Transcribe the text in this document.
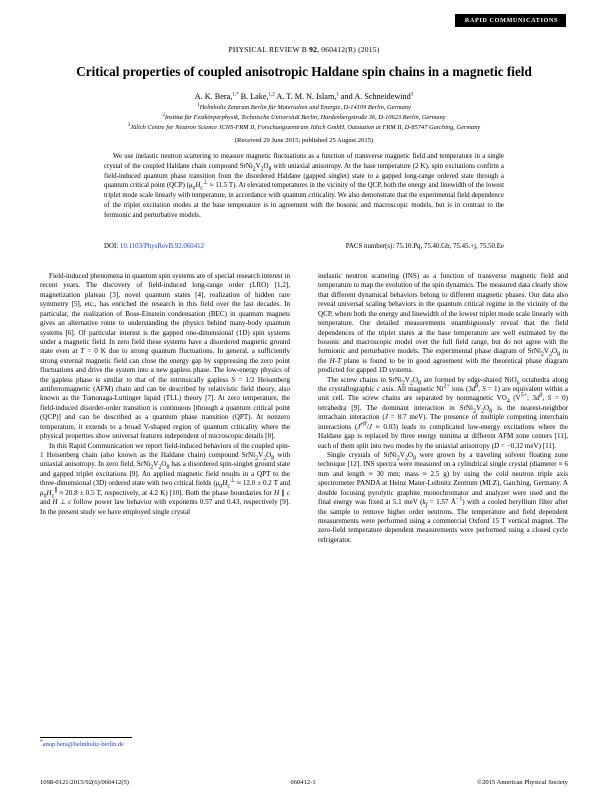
RAPID COMMUNICATIONS
PHYSICAL REVIEW B 92, 060412(R) (2015)
Critical properties of coupled anisotropic Haldane spin chains in a magnetic field
A. K. Bera,$^{1,*}$ B. Lake,$^{1,2}$ A. T. M. N. Islam,$^1$ and A. Schneidewind$^3$
$^1$Helmholtz Zentrum Berlin für Materialien und Energie, D-14109 Berlin, Germany
$^2$Institut für Festkörperphysik, Technische Universität Berlin, Hardenbergstraße 36, D-10623 Berlin, Germany
$^3$Jülich Centre for Neutron Science JCNS-FRM II, Forschungszentrum Jülich GmbH, Outstation at FRM II, D-85747 Garching, Germany
(Received 29 June 2015; published 25 August 2015)
We use inelastic neutron scattering to measure magnetic fluctuations as a function of transverse magnetic field and temperature in a single crystal of the coupled Haldane chain compound $SrNi_2V_2O_8$ with uniaxial anisotropy. At the base temperature (2 K), spin excitations confirm a field-induced quantum phase transition from the disordered Haldane (gapped singlet) state to a gapped long-range ordered state through a quantum critical point (QCP) ($\mu_0H_c^\perp \approx 11.5$ T). At elevated temperatures in the vicinity of the QCP, both the energy and linewidth of the lowest triplet mode scale linearly with temperature, in accordance with quantum criticality. We also demonstrate that the experimental field dependence of the triplet excitation modes at the base temperature is in agreement with the bosonic and macroscopic models, but is in contrast to the fermionic and perturbative models.
DOI: 10.1103/PhysRevB.92.060412	PACS number(s): 75.10.Pq, 75.40.Gb, 75.45.+j, 75.50.Ee

Field-induced phenomena in quantum spin systems are of special research interest in recent years. The discovery of field-induced long-range order (LRO) [1,2], magnetization plateau [3], novel quantum states [4], realization of hidden rare symmetry [5], etc., has enriched the research in this field over the last decades. In particular, the realization of Bose-Einstein condensation (BEC) in quantum magnets gives an alternative route to understanding the physics behind many-body quantum systems [6]. Of particular interest is the gapped one-dimensional (1D) spin systems under a magnetic field. In zero field these systems have a disordered magnetic ground state even at T = 0 K due to strong quantum fluctuations. In general, a sufficiently strong external magnetic field can close the energy gap by suppressing the zero point fluctuations and drive the system into a new gapless phase. The low-energy physics of the gapless phase is similar to that of the intrinsically gapless S = 1/2 Heisenberg antiferromagnetic (AFM) chain and can be described by relativistic field theory, also known as the Tomonaga-Luttinger liquid (TLL) theory [7]. At zero temperature, the field-induced disorder-order transition is continuous [through a quantum critical point (QCP)] and can be described as a quantum phase transition (QPT). At nonzero temperature, it extends to a broad V-shaped region of quantum criticality where the physical properties show universal features independent of microscopic details [8].

In this Rapid Communication we report field-induced behaviors of the coupled spin-1 Heisenberg chain (also known as the Haldane chain) compound $SrNi_2V_2O_8$ with uniaxial anisotropy. In zero field, $SrNi_2V_2O_8$ has a disordered spin-singlet ground state and gapped triplet excitations [9]. An applied magnetic field results in a QPT to the three-dimensional (3D) ordered state with two critical fields ($\mu_0H_c^\perp \approx 12.0 \pm 0.2$ T and $\mu_0H_c^\parallel \approx 20.8 \pm 0.5$ T, respectively, at 4.2 K) [10]. Both the phase boundaries for H ∥ c and H ⊥ c follow power law behavior with exponents 0.57 and 0.43, respectively [9]. In the present study we have employed single crystal

inelastic neutron scattering (INS) as a function of transverse magnetic field and temperature to map the evolution of the spin dynamics. The measured data clearly show that different dynamical behaviors belong to different magnetic phases. Our data also reveal universal scaling behaviors in the quantum critical regime in the vicinity of the QCP, where both the energy and linewidth of the lowest triplet mode scale linearly with temperature. Our detailed measurements unambiguously reveal that the field dependences of the triplet states at the base temperature are well estimated by the bosonic and macroscopic model over the full field range, but do not agree with the fermionic and perturbative models. The experimental phase diagram of $SrNi_2V_2O_8$ in the H-T plane is found to be in good agreement with the theoretical phase diagram predicted for gapped 1D systems.

The screw chains in $SrNi_2V_2O_8$ are formed by edge-shared NiO$_6$ octahedra along the crystallographic c axis. All magnetic $Ni^{2+}$ ions ($3d^8$, S = 1) are equivalent within a unit cell. The screw chains are separated by nonmagnetic $VO_4$ ($V^{5+}$; $3d^0$, S = 0) tetrahedra [9]. The dominant interaction in $SrNi_2V_2O_8$ is the nearest-neighbor intrachain interaction (J = 8.7 meV). The presence of multiple competing interchain interactions $(J^{eff}/J \approx 0.03)$ leads to complicated low-energy excitations where the Haldane gap is replaced by three energy minima at different AFM zone centers [11], each of them split into two modes by the uniaxial anisotropy (D = −0.32 meV) [11].

Single crystals of $SrNi_2V_2O_8$ were grown by a traveling solvent floating zone technique [12]. INS spectra were measured on a cylindrical single crystal (diameter ≈ 6 mm and length ≈ 30 mm; mass ≈ 2.5 g) by using the cold neutron triple axis spectrometer PANDA at Heinz Maier-Leibnitz Zentrum (MLZ), Garching, Germany. A double focusing pyrolytic graphite monochromator and analyzer were used and the final energy was fixed at 5.1 meV ($k_f = 1.57$ $Å^{-1}$) with a cooled beryllium filter after the sample to remove higher order neutrons. The temperature and field dependent measurements were performed using a commercial Oxford 15 T vertical magnet. The zero-field temperature dependent measurements were performed using a closed cycle refrigerator.

*anup.bera@helmholtz-berlin.de
1098-0121/2015/92(6)/060412(5)	060412-1	©2015 American Physical Society
